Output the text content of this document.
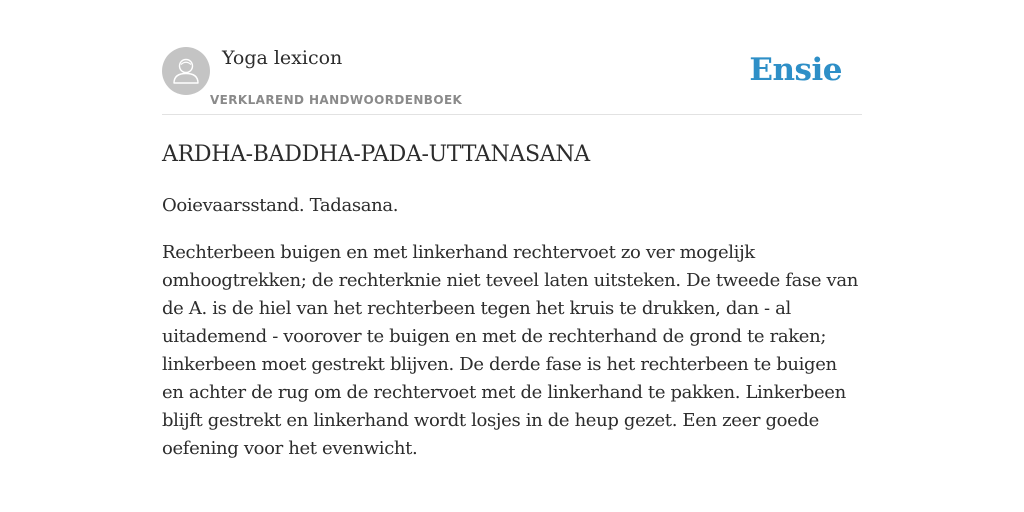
Yoga lexicon
VERKLAREND HANDWOORDENBOEK
Ensie
ARDHA-BADDHA-PADA-UTTANASANA

Ooievaarsstand. Tadasana.

Rechterbeen buigen en met linkerhand rechtervoet zo ver mogelijk omhoogtrekken; de rechterknie niet teveel laten uitsteken. De tweede fase van de A. is de hiel van het rechterbeen tegen het kruis te drukken, dan - al uitademend - voorover te buigen en met de rechterhand de grond te raken; linkerbeen moet gestrekt blijven. De derde fase is het rechterbeen te buigen en achter de rug om de rechtervoet met de linkerhand te pakken. Linkerbeen blijft gestrekt en linkerhand wordt losjes in de heup gezet. Een zeer goede oefening voor het evenwicht.
